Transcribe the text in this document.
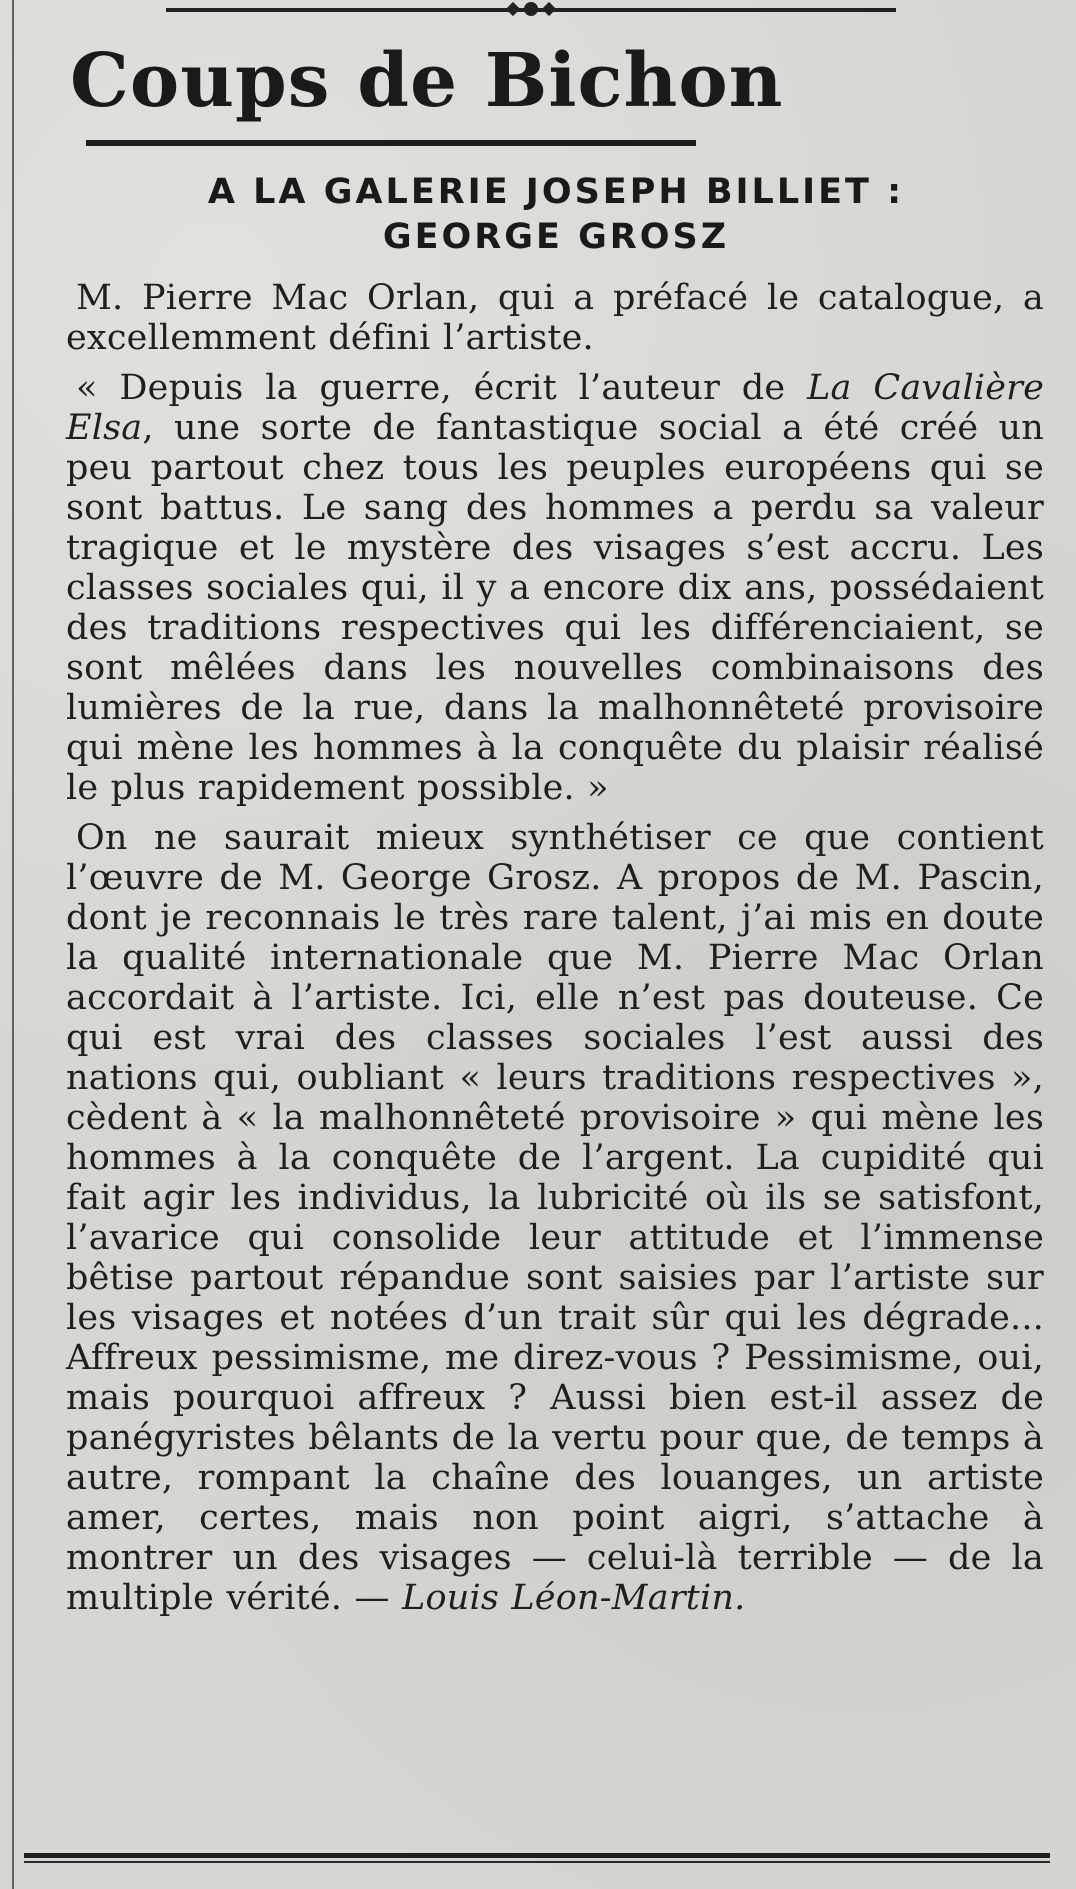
Coups de Bichon
A LA GALERIE JOSEPH BILLIET :
GEORGE GROSZ

M. Pierre Mac Orlan, qui a préfacé le catalogue, a excellemment défini l’artiste.

« Depuis la guerre, écrit l’auteur de La Cavalière Elsa, une sorte de fantastique social a été créé un peu partout chez tous les peuples européens qui se sont battus. Le sang des hommes a perdu sa valeur tragique et le mystère des visages s’est accru. Les classes sociales qui, il y a encore dix ans, possédaient des traditions respectives qui les différenciaient, se sont mêlées dans les nouvelles combinaisons des lumières de la rue, dans la malhonnêteté provisoire qui mène les hommes à la conquête du plaisir réalisé le plus rapidement possible. »

On ne saurait mieux synthétiser ce que contient l’œuvre de M. George Grosz. A propos de M. Pascin, dont je reconnais le très rare talent, j’ai mis en doute la qualité internationale que M. Pierre Mac Orlan accordait à l’artiste. Ici, elle n’est pas douteuse. Ce qui est vrai des classes sociales l’est aussi des nations qui, oubliant « leurs traditions respectives », cèdent à « la malhonnêteté provisoire » qui mène les hommes à la conquête de l’argent. La cupidité qui fait agir les individus, la lubricité où ils se satisfont, l’avarice qui consolide leur attitude et l’immense bêtise partout répandue sont saisies par l’artiste sur les visages et notées d’un trait sûr qui les dégrade... Affreux pessimisme, me direz-vous ? Pessimisme, oui, mais pourquoi affreux ? Aussi bien est-il assez de panégyristes bêlants de la vertu pour que, de temps à autre, rompant la chaîne des louanges, un artiste amer, certes, mais non point aigri, s’attache à montrer un des visages — celui-là terrible — de la multiple vérité. — Louis Léon-Martin.
